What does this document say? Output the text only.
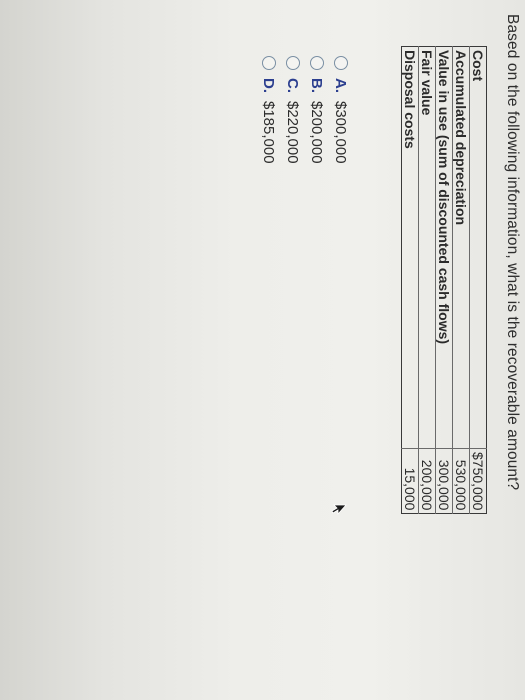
Based on the following information, what is the recoverable amount?
Cost	$750,000
Accumulated depreciation	530,000
Value in use (sum of discounted cash flows)	300,000
Fair value	200,000
Disposal costs	15,000
A.
$300,000
B.
$200,000
C.
$220,000
D.
$185,000
